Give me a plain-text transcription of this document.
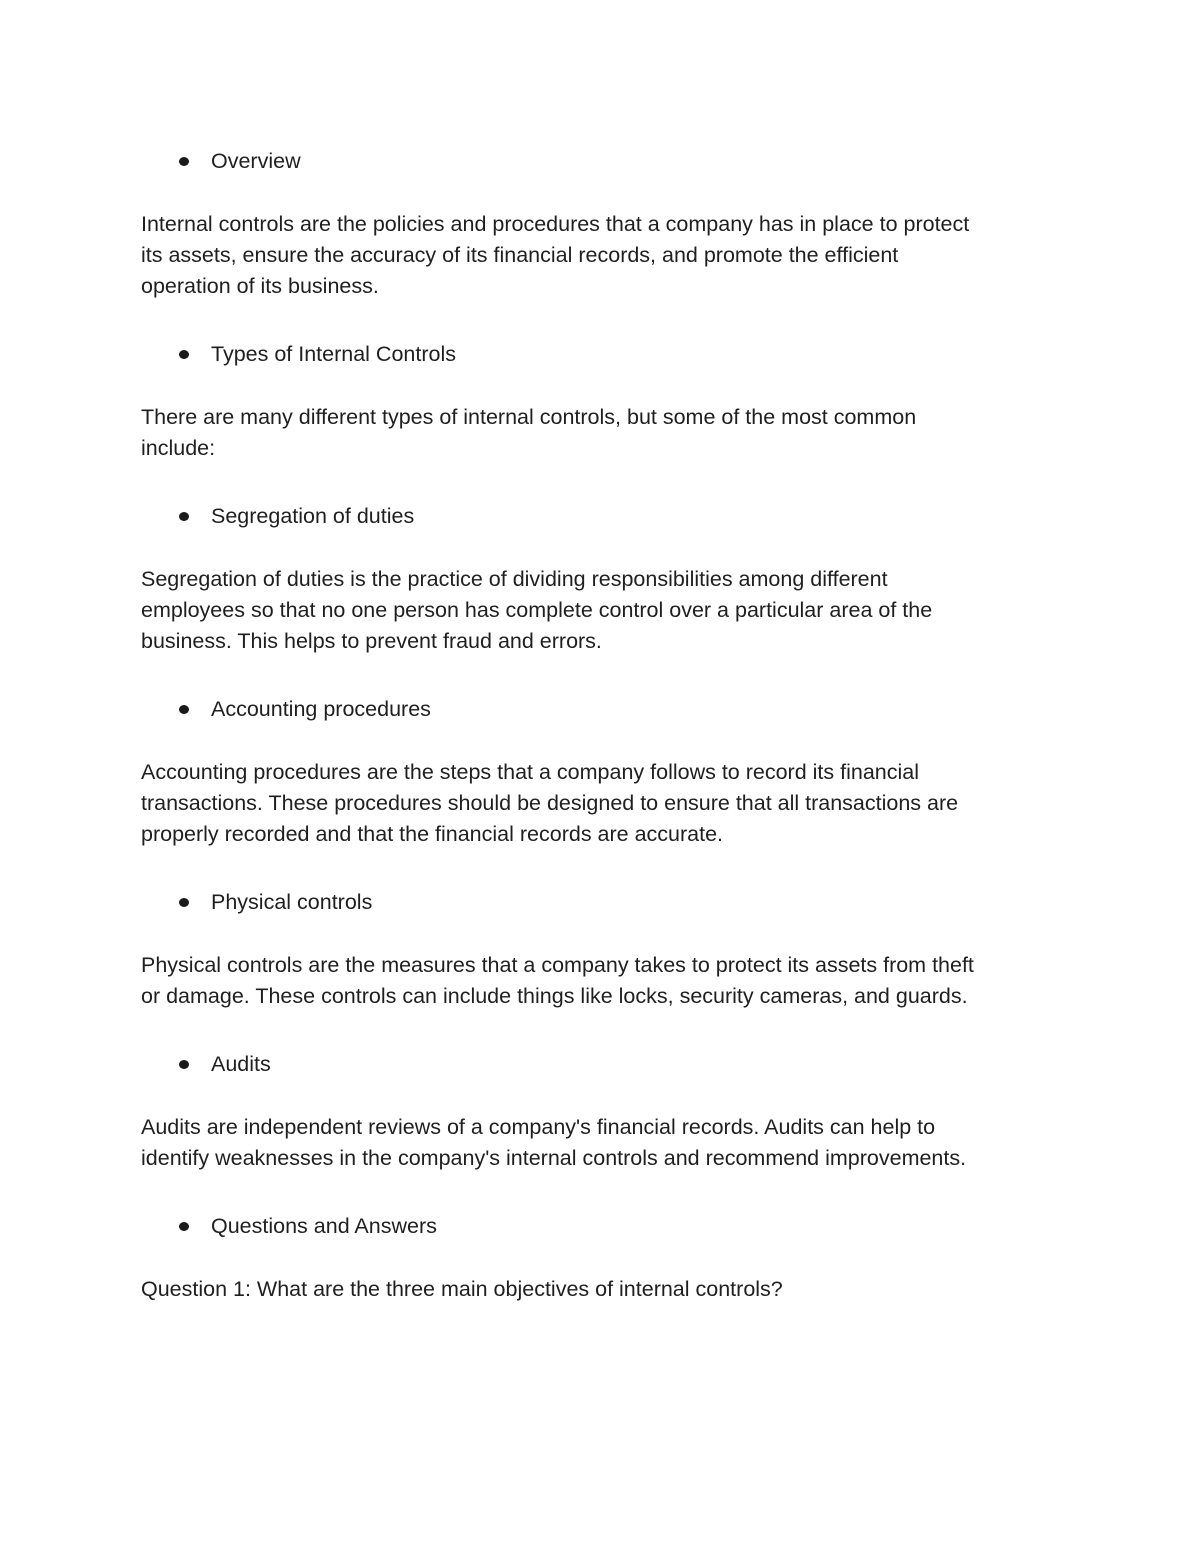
Overview

Internal controls are the policies and procedures that a company has in place to protect
its assets, ensure the accuracy of its financial records, and promote the efficient
operation of its business.

Types of Internal Controls

There are many different types of internal controls, but some of the most common
include:

Segregation of duties

Segregation of duties is the practice of dividing responsibilities among different
employees so that no one person has complete control over a particular area of the
business. This helps to prevent fraud and errors.

Accounting procedures

Accounting procedures are the steps that a company follows to record its financial
transactions. These procedures should be designed to ensure that all transactions are
properly recorded and that the financial records are accurate.

Physical controls

Physical controls are the measures that a company takes to protect its assets from theft
or damage. These controls can include things like locks, security cameras, and guards.

Audits

Audits are independent reviews of a company's financial records. Audits can help to
identify weaknesses in the company's internal controls and recommend improvements.

Questions and Answers

Question 1: What are the three main objectives of internal controls?
